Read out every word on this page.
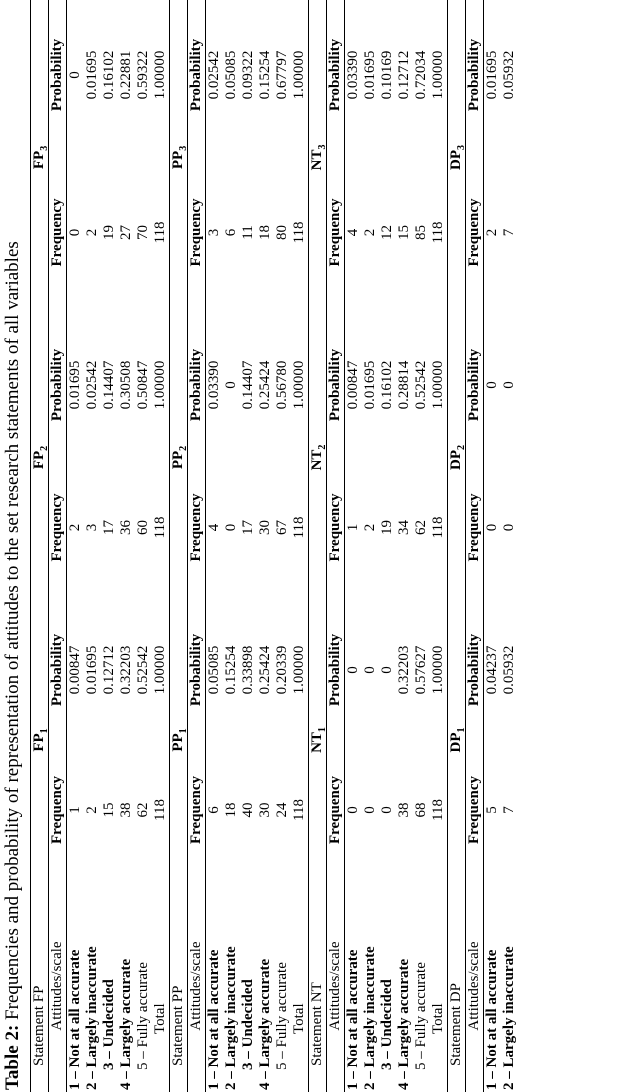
Table 2: Frequencies and probability of representation of attitudes to the set research statements of all variables
Statement FP	$FP_1$		$FP_2$		$FP_3$
Attitudes/scale	Frequency	Probability	Frequency	Probability	Frequency	Probability
1 – Not at all accurate	1	0.00847	2	0.01695	0	0
2 – Largely inaccurate	2	0.01695	3	0.02542	2	0.01695
3 – Undecided	15	0.12712	17	0.14407	19	0.16102
4 – Largely accurate	38	0.32203	36	0.30508	27	0.22881
5 – Fully accurate	62	0.52542	60	0.50847	70	0.59322
Total	118	1.00000	118	1.00000	118	1.00000
Statement PP	$PP_1$		$PP_2$		$PP_3$
Attitudes/scale	Frequency	Probability	Frequency	Probability	Frequency	Probability
1 – Not at all accurate	6	0.05085	4	0.03390	3	0.02542
2 – Largely inaccurate	18	0.15254	0	0	6	0.05085
3 – Undecided	40	0.33898	17	0.14407	11	0.09322
4 – Largely accurate	30	0.25424	30	0.25424	18	0.15254
5 – Fully accurate	24	0.20339	67	0.56780	80	0.67797
Total	118	1.00000	118	1.00000	118	1.00000
Statement NT	$NT_1$		$NT_2$		$NT_3$
Attitudes/scale	Frequency	Probability	Frequency	Probability	Frequency	Probability
1 – Not at all accurate	0	0	1	0.00847	4	0.03390
2 – Largely inaccurate	0	0	2	0.01695	2	0.01695
3 – Undecided	0	0	19	0.16102	12	0.10169
4 – Largely accurate	38	0.32203	34	0.28814	15	0.12712
5 – Fully accurate	68	0.57627	62	0.52542	85	0.72034
Total	118	1.00000	118	1.00000	118	1.00000
Statement DP	$DP_1$		$DP_2$		$DP_3$
Attitudes/scale	Frequency	Probability	Frequency	Probability	Frequency	Probability
1 – Not at all accurate	5	0.04237	0	0	2	0.01695
2 – Largely inaccurate	7	0.05932	0	0	7	0.05932
